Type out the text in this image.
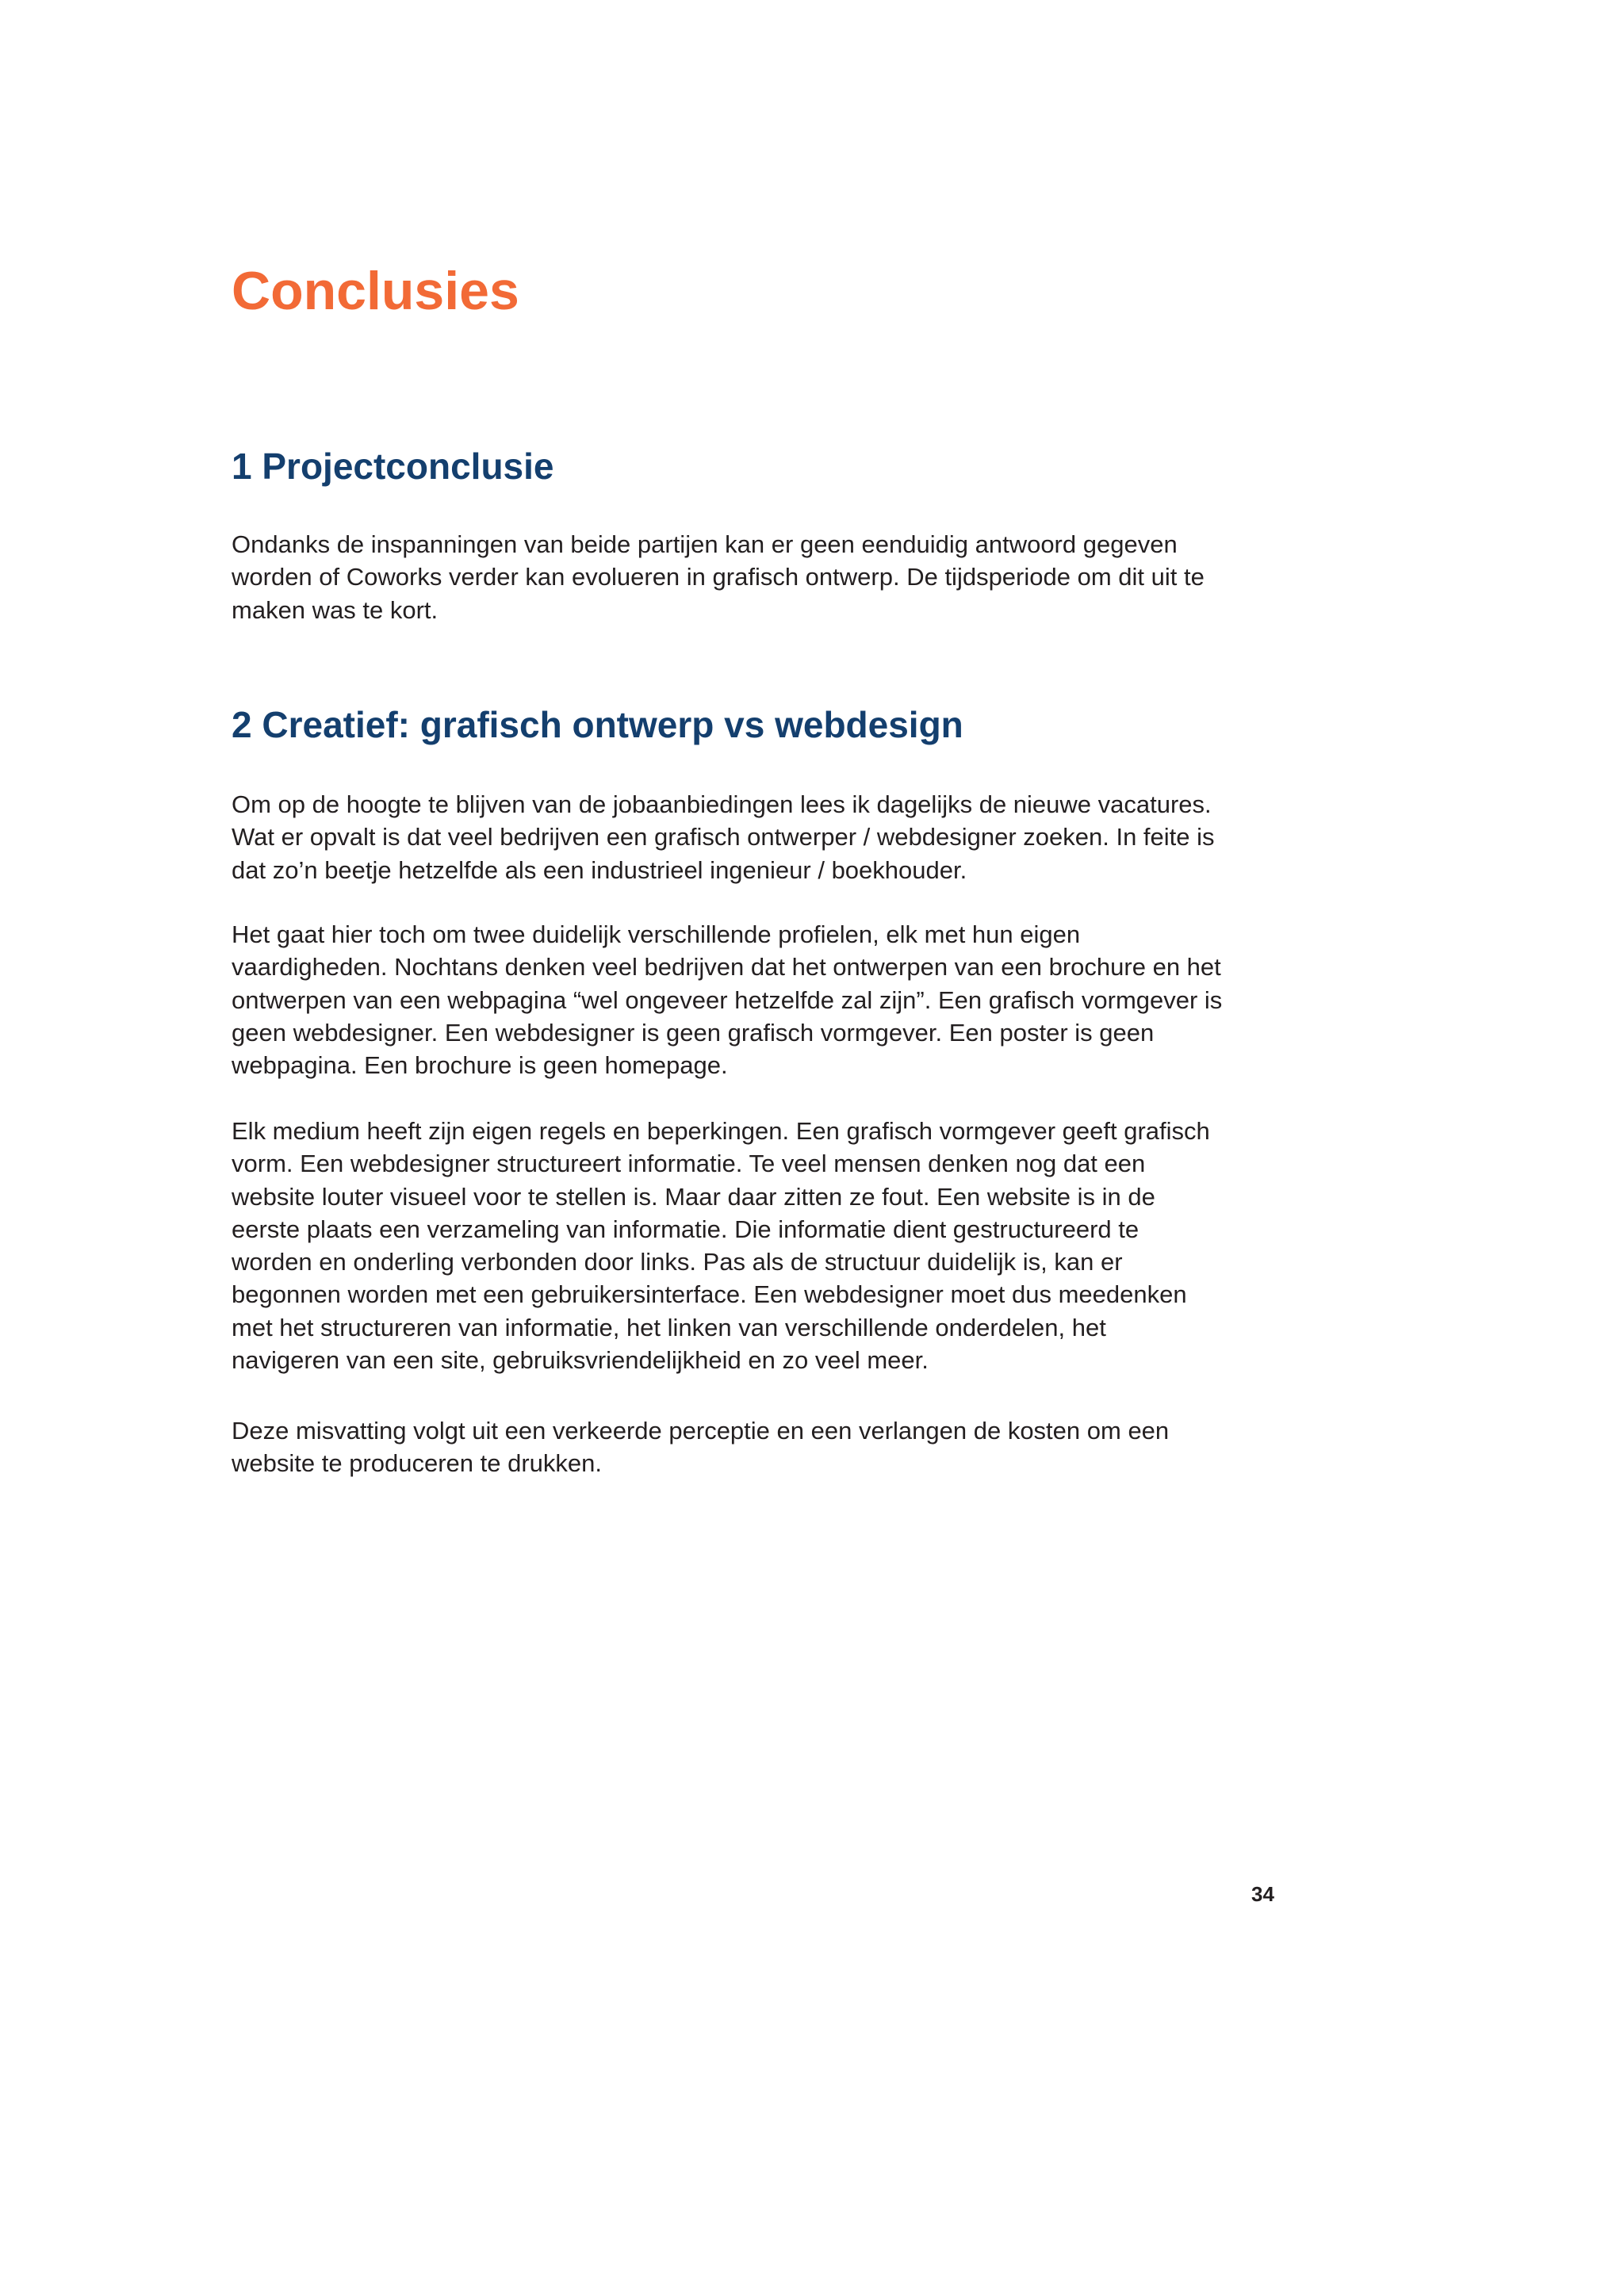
Conclusies
1 Projectconclusie

Ondanks de inspanningen van beide partijen kan er geen eenduidig antwoord gegeven
worden of Coworks verder kan evolueren in grafisch ontwerp. De tijdsperiode om dit uit te
maken was te kort.

2 Creatief: grafisch ontwerp vs webdesign

Om op de hoogte te blijven van de jobaanbiedingen lees ik dagelijks de nieuwe vacatures.
Wat er opvalt is dat veel bedrijven een grafisch ontwerper / webdesigner zoeken. In feite is
dat zo’n beetje hetzelfde als een industrieel ingenieur / boekhouder.

Het gaat hier toch om twee duidelijk verschillende profielen, elk met hun eigen
vaardigheden. Nochtans denken veel bedrijven dat het ontwerpen van een brochure en het
ontwerpen van een webpagina “wel ongeveer hetzelfde zal zijn”. Een grafisch vormgever is
geen webdesigner. Een webdesigner is geen grafisch vormgever. Een poster is geen
webpagina. Een brochure is geen homepage.

Elk medium heeft zijn eigen regels en beperkingen. Een grafisch vormgever geeft grafisch
vorm. Een webdesigner structureert informatie. Te veel mensen denken nog dat een
website louter visueel voor te stellen is. Maar daar zitten ze fout. Een website is in de
eerste plaats een verzameling van informatie. Die informatie dient gestructureerd te
worden en onderling verbonden door links. Pas als de structuur duidelijk is, kan er
begonnen worden met een gebruikersinterface. Een webdesigner moet dus meedenken
met het structureren van informatie, het linken van verschillende onderdelen, het
navigeren van een site, gebruiksvriendelijkheid en zo veel meer.

Deze misvatting volgt uit een verkeerde perceptie en een verlangen de kosten om een
website te produceren te drukken.

34
